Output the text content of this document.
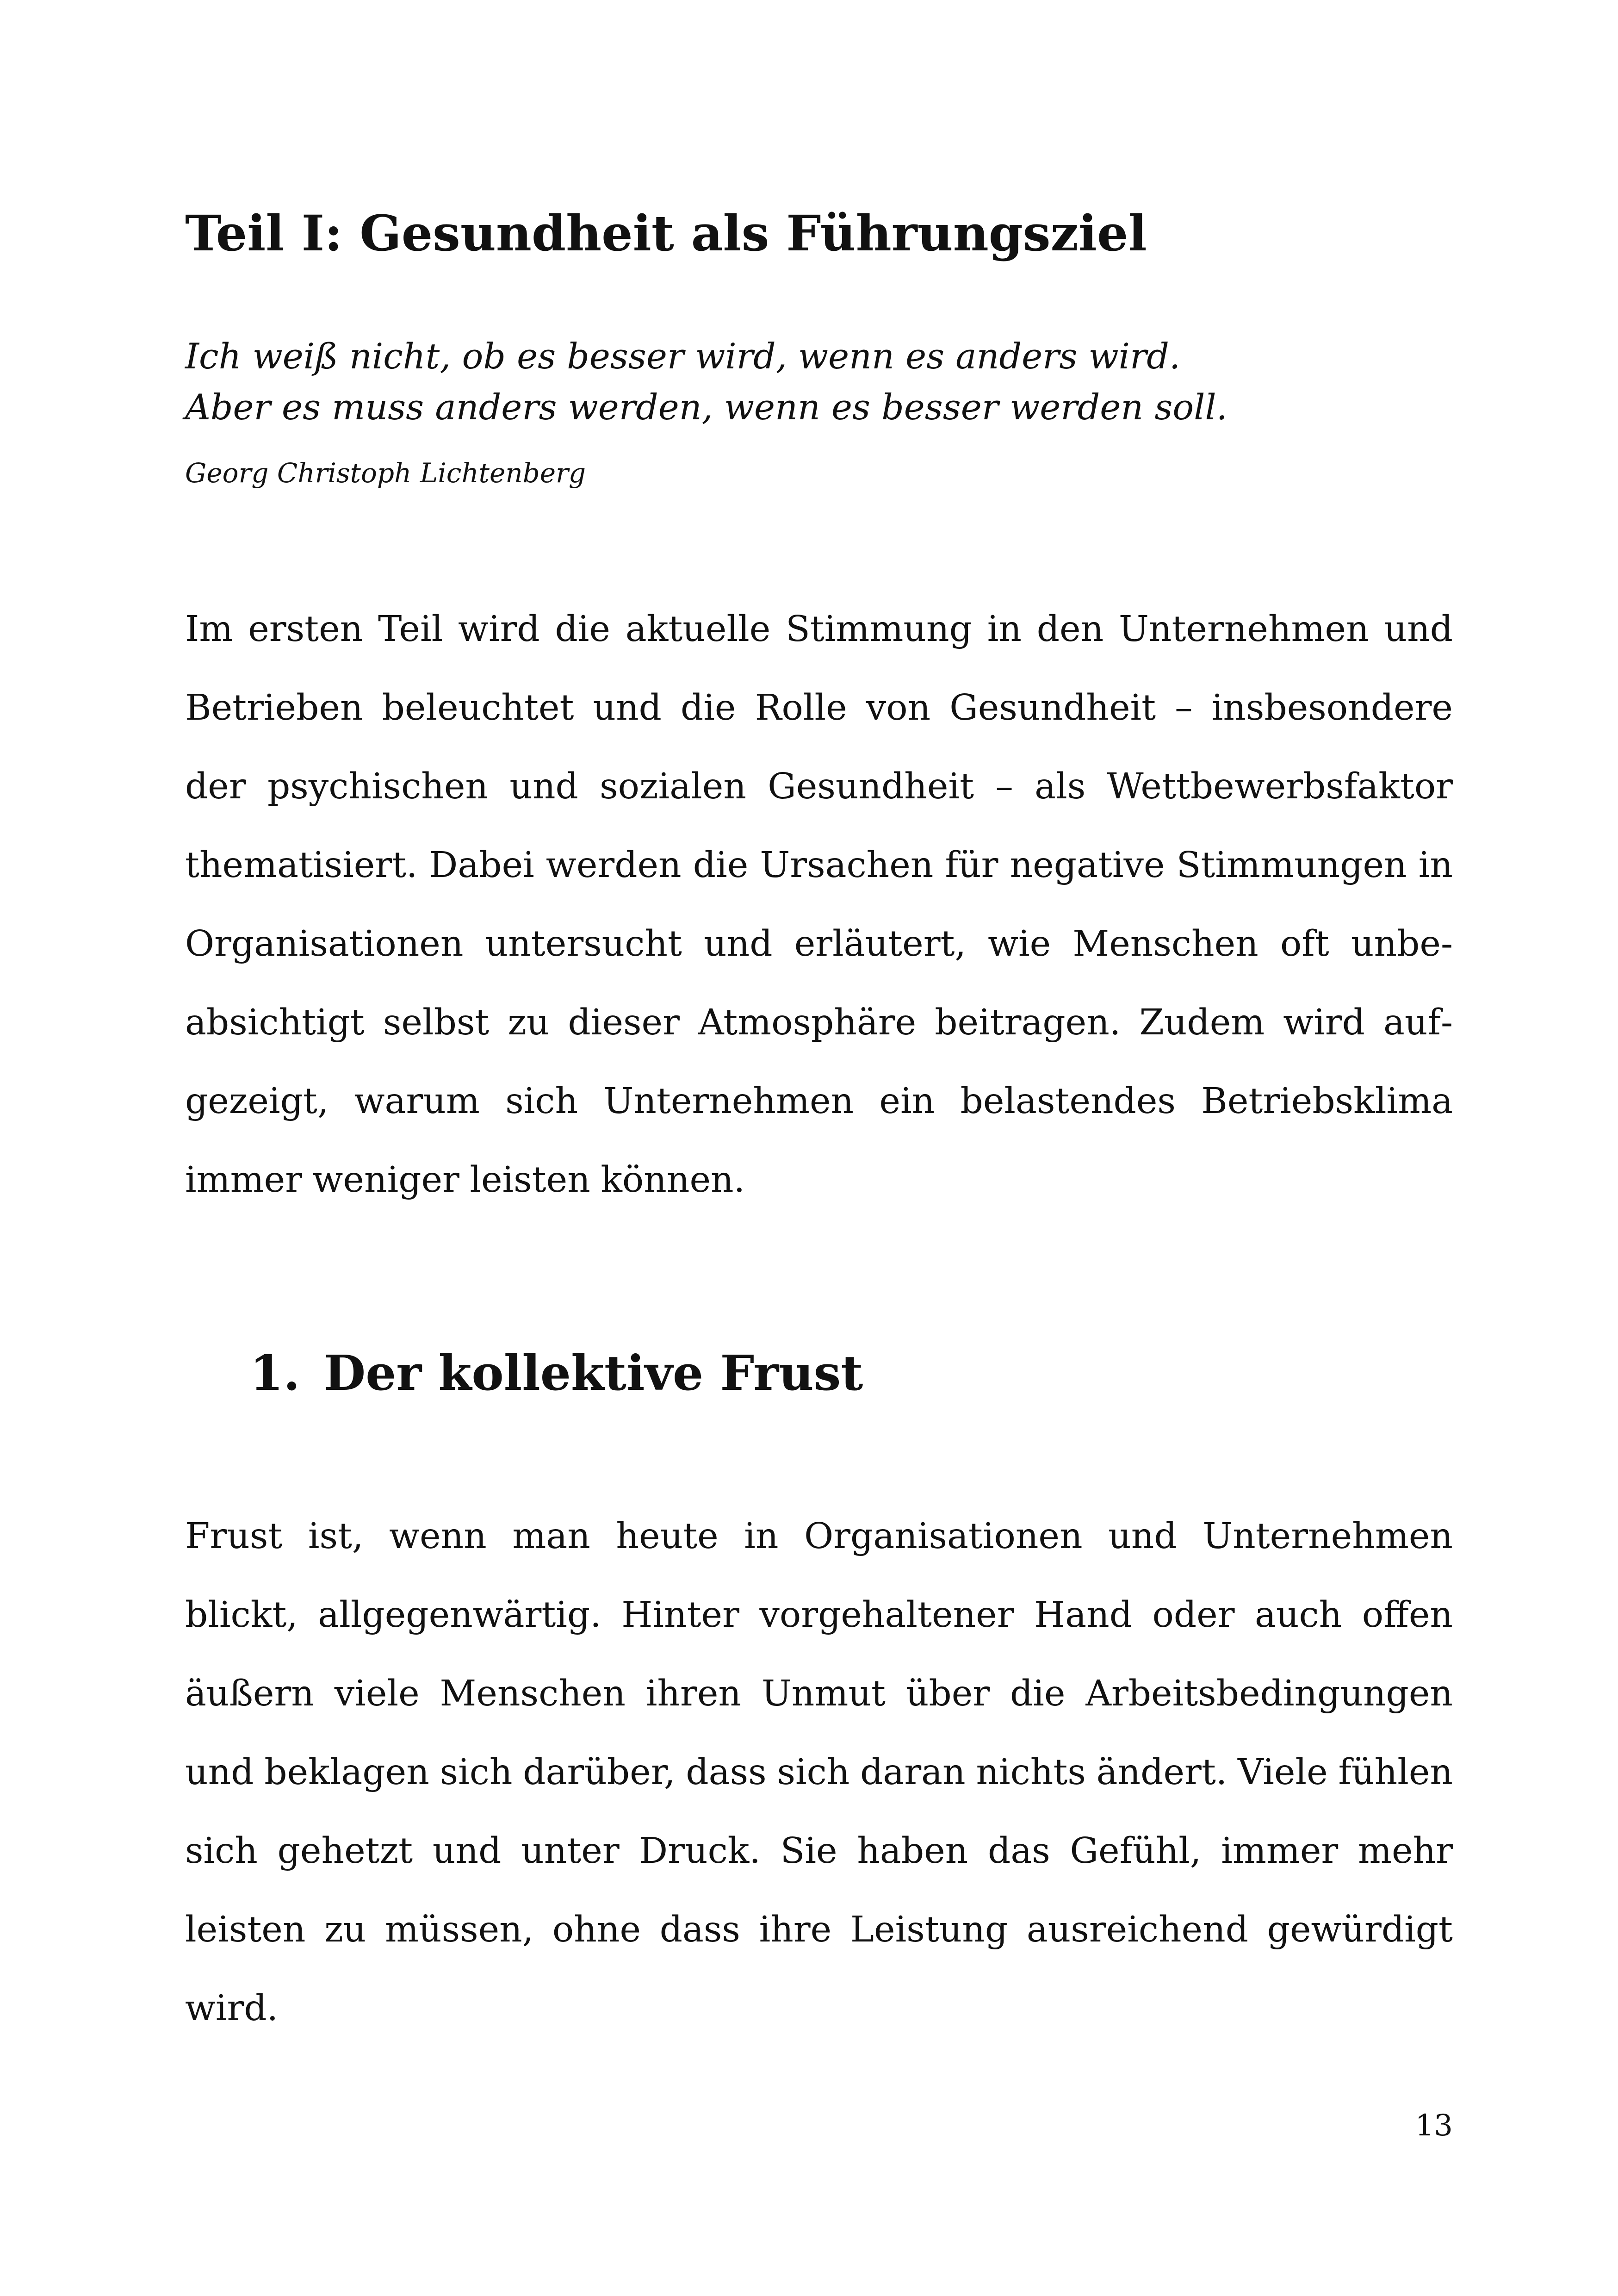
Teil I: Gesundheit als Führungsziel
Ich weiß nicht, ob es besser wird, wenn es anders wird.
Aber es muss anders werden, wenn es besser werden soll.

Georg Christoph Lichtenberg

Im ersten Teil wird die aktuelle Stimmung in den Unternehmen und Betrieben beleuchtet und die Rolle von Gesundheit – insbesondere der psychischen und sozialen Gesundheit – als Wettbewerbsfaktor thematisiert. Dabei werden die Ursachen für negative Stimmungen in Organisationen untersucht und erläutert, wie Menschen oft unbeabsichtigt selbst zu dieser Atmosphäre beitragen. Zudem wird aufgezeigt, warum sich Unternehmen ein belastendes Betriebsklima immer weniger leisten können.

1. Der kollektive Frust

Frust ist, wenn man heute in Organisationen und Unternehmen blickt, allgegenwärtig. Hinter vorgehaltener Hand oder auch offen äußern viele Menschen ihren Unmut über die Arbeitsbedingungen und beklagen sich darüber, dass sich daran nichts ändert. Viele fühlen sich gehetzt und unter Druck. Sie haben das Gefühl, immer mehr leisten zu müssen, ohne dass ihre Leistung ausreichend gewürdigt wird.

13
